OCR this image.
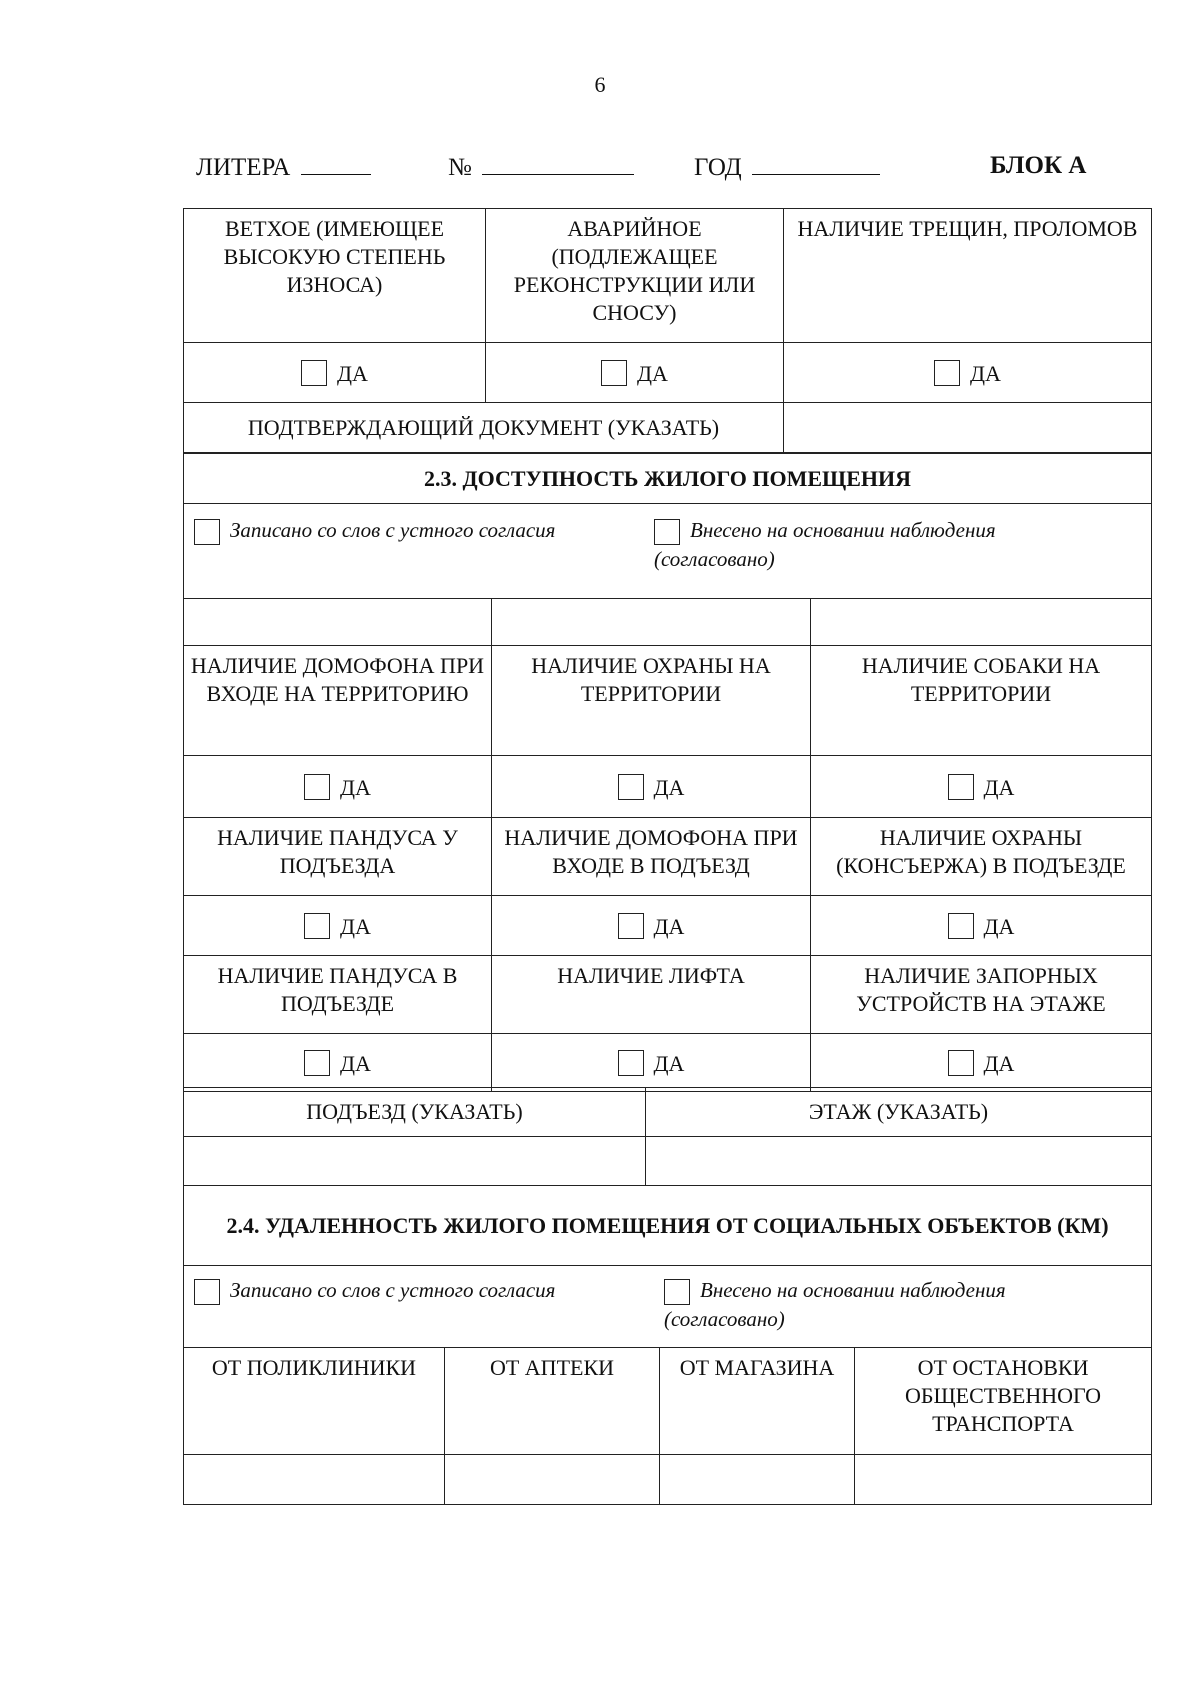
6
ЛИТЕРА	№	ГОД	БЛОК А
ВЕТХОЕ (ИМЕЮЩЕЕ ВЫСОКУЮ СТЕПЕНЬ ИЗНОСА)	АВАРИЙНОЕ (ПОДЛЕЖАЩЕЕ РЕКОНСТРУКЦИИ ИЛИ СНОСУ)	НАЛИЧИЕ ТРЕЩИН, ПРОЛОМОВ
ДА	ДА	ДА
ПОДТВЕРЖДАЮЩИЙ ДОКУМЕНТ (УКАЗАТЬ)		
2.3. ДОСТУПНОСТЬ ЖИЛОГО ПОМЕЩЕНИЯ		
Записано со слов с устного согласия Внесено на основании наблюдения (согласовано)		

НАЛИЧИЕ ДОМОФОНА ПРИ ВХОДЕ НА ТЕРРИТОРИЮ	НАЛИЧИЕ ОХРАНЫ НА ТЕРРИТОРИИ	НАЛИЧИЕ СОБАКИ НА ТЕРРИТОРИИ
ДА	ДА	ДА
НАЛИЧИЕ ПАНДУСА У ПОДЪЕЗДА	НАЛИЧИЕ ДОМОФОНА ПРИ ВХОДЕ В ПОДЪЕЗД	НАЛИЧИЕ ОХРАНЫ (КОНСЪЕРЖА) В ПОДЪЕЗДЕ
ДА	ДА	ДА
НАЛИЧИЕ ПАНДУСА В ПОДЪЕЗДЕ	НАЛИЧИЕ ЛИФТА	НАЛИЧИЕ ЗАПОРНЫХ УСТРОЙСТВ НА ЭТАЖЕ
ДА	ДА	ДА
ПОДЪЕЗД (УКАЗАТЬ)	ЭТАЖ (УКАЗАТЬ)

2.4. УДАЛЕННОСТЬ ЖИЛОГО ПОМЕЩЕНИЯ ОТ СОЦИАЛЬНЫХ ОБЪЕКТОВ (КМ)			
Записано со слов с устного согласия Внесено на основании наблюдения (согласовано)			
ОТ ПОЛИКЛИНИКИ	ОТ АПТЕКИ	ОТ МАГАЗИНА	ОТ ОСТАНОВКИ ОБЩЕСТВЕННОГО ТРАНСПОРТА
